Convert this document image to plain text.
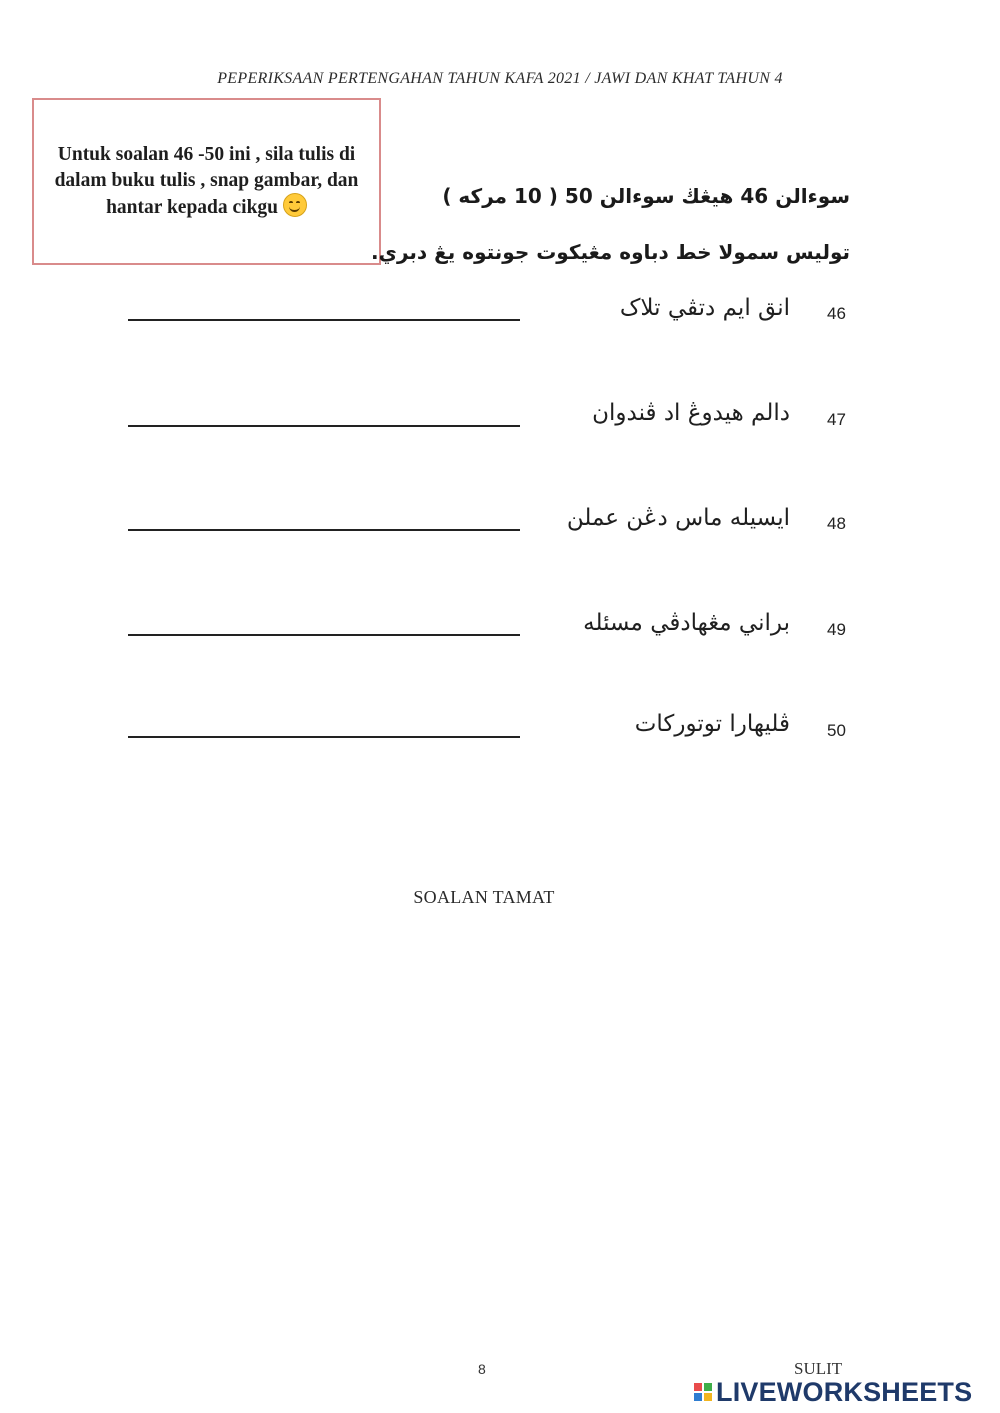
PEPERIKSAAN PERTENGAHAN TAHUN KAFA 2021 / JAWI DAN KHAT TAHUN 4
Untuk soalan 46 -50 ini , sila tulis di dalam buku tulis , snap gambar, dan hantar kepada cikgu	سوءالن 46 هيڠڬ سوءالن 50 ( 10 مرکه )
توليس سمولا خط دباوه مڠيکوت جونتوه يڠ دبري.
انق ايم دتڤي تلاک 46
دالم هيدوڠ اد ڤندوان 47
ايسيله ماس دڠن عملن 48
براني مڠهادڤي مسئله 49
ڤليهارا توتورکات 50
SOALAN TAMAT
8	SULIT
LIVEWORKSHEETS
